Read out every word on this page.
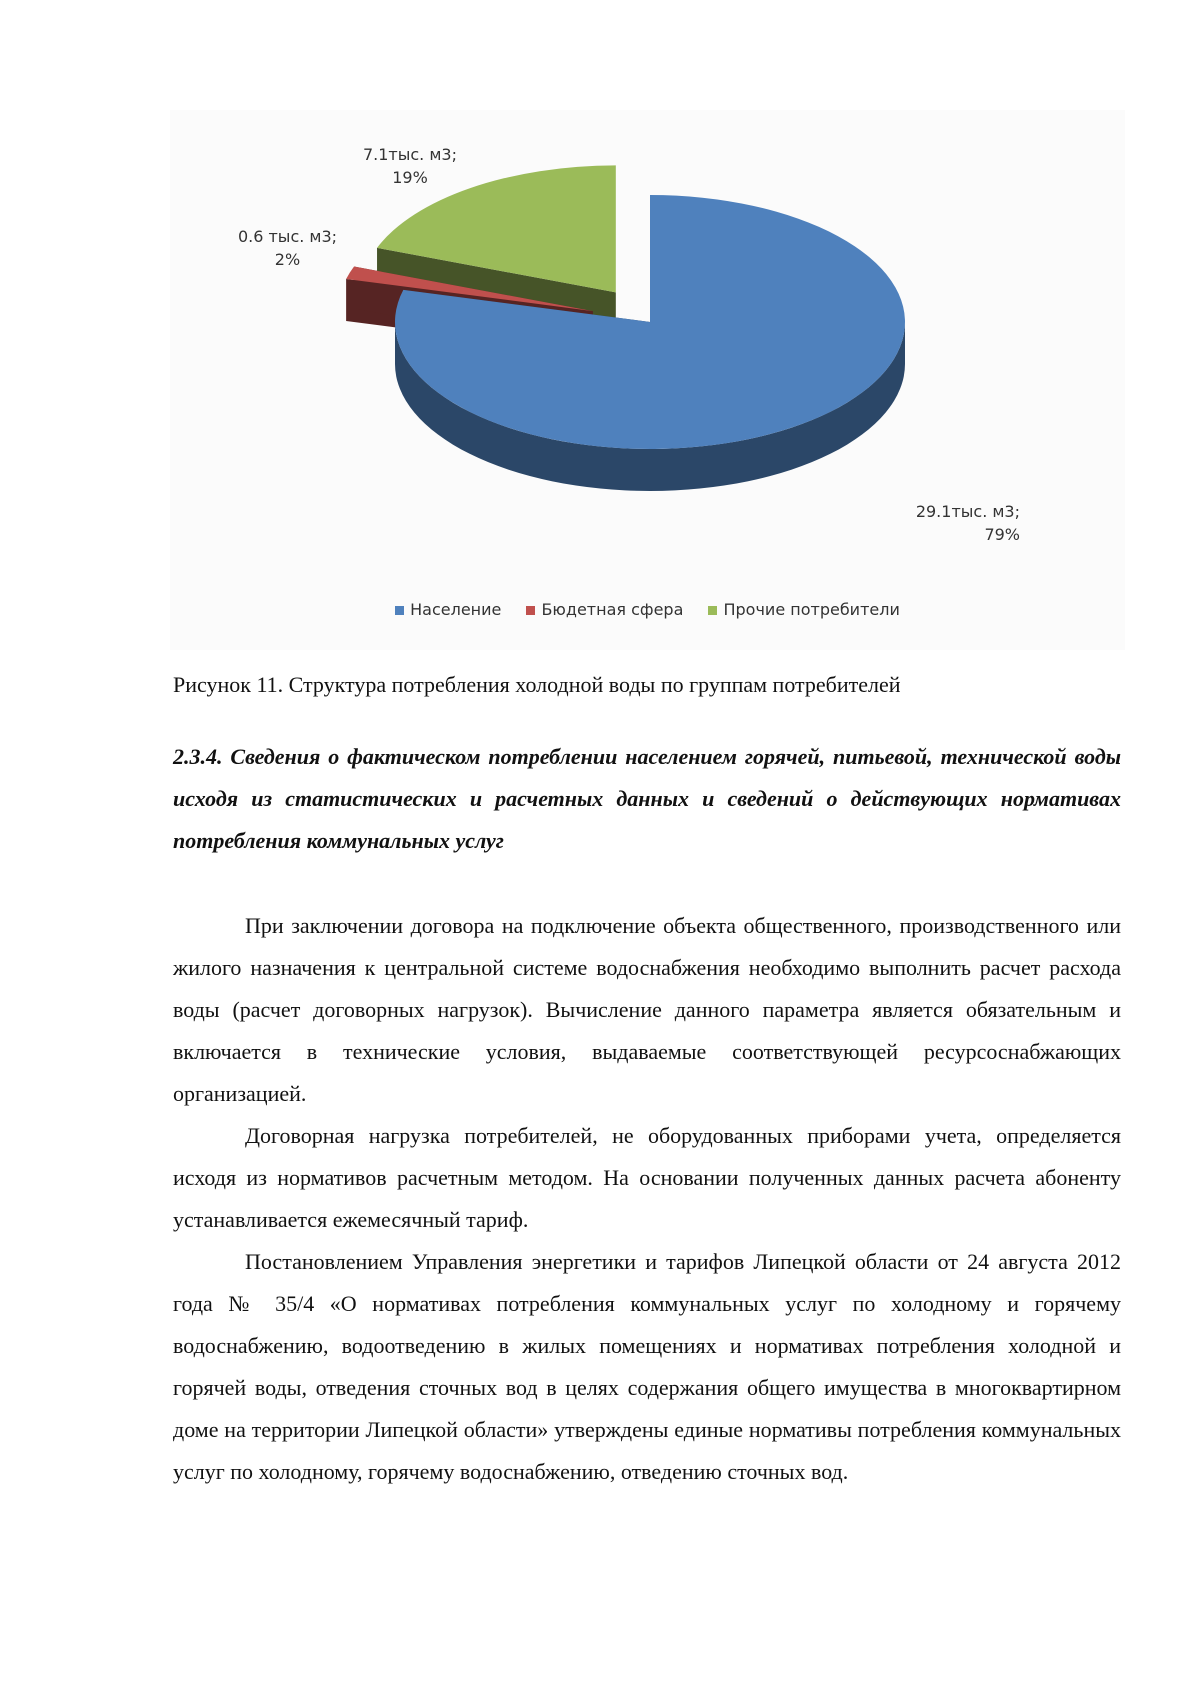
7.1тыс. м3;
19%
0.6 тыс. м3;
2%
29.1тыс. м3;
79%
Население	Бюдетная сфера	Прочие потребители
Рисунок 11. Структура потребления холодной воды по группам потребителей
2.3.4. Сведения о фактическом потреблении населением горячей, питьевой, технической воды исходя из статистических и расчетных данных и сведений о действующих нормативах потребления коммунальных услуг

При заключении договора на подключение объекта общественного, производственного или жилого назначения к центральной системе водоснабжения необходимо выполнить расчет расхода воды (расчет договорных нагрузок). Вычисление данного параметра является обязательным и включается в технические условия, выдаваемые соответствующей ресурсоснабжающих организацией.

Договорная нагрузка потребителей, не оборудованных приборами учета, определяется исходя из нормативов расчетным методом. На основании полученных данных расчета абоненту устанавливается ежемесячный тариф.

Постановлением Управления энергетики и тарифов Липецкой области от 24 августа 2012 года № 35/4 «О нормативах потребления коммунальных услуг по холодному и горячему водоснабжению, водоотведению в жилых помещениях и нормативах потребления холодной и горячей воды, отведения сточных вод в целях содержания общего имущества в многоквартирном доме на территории Липецкой области» утверждены единые нормативы потребления коммунальных услуг по холодному, горячему водоснабжению, отведению сточных вод.
